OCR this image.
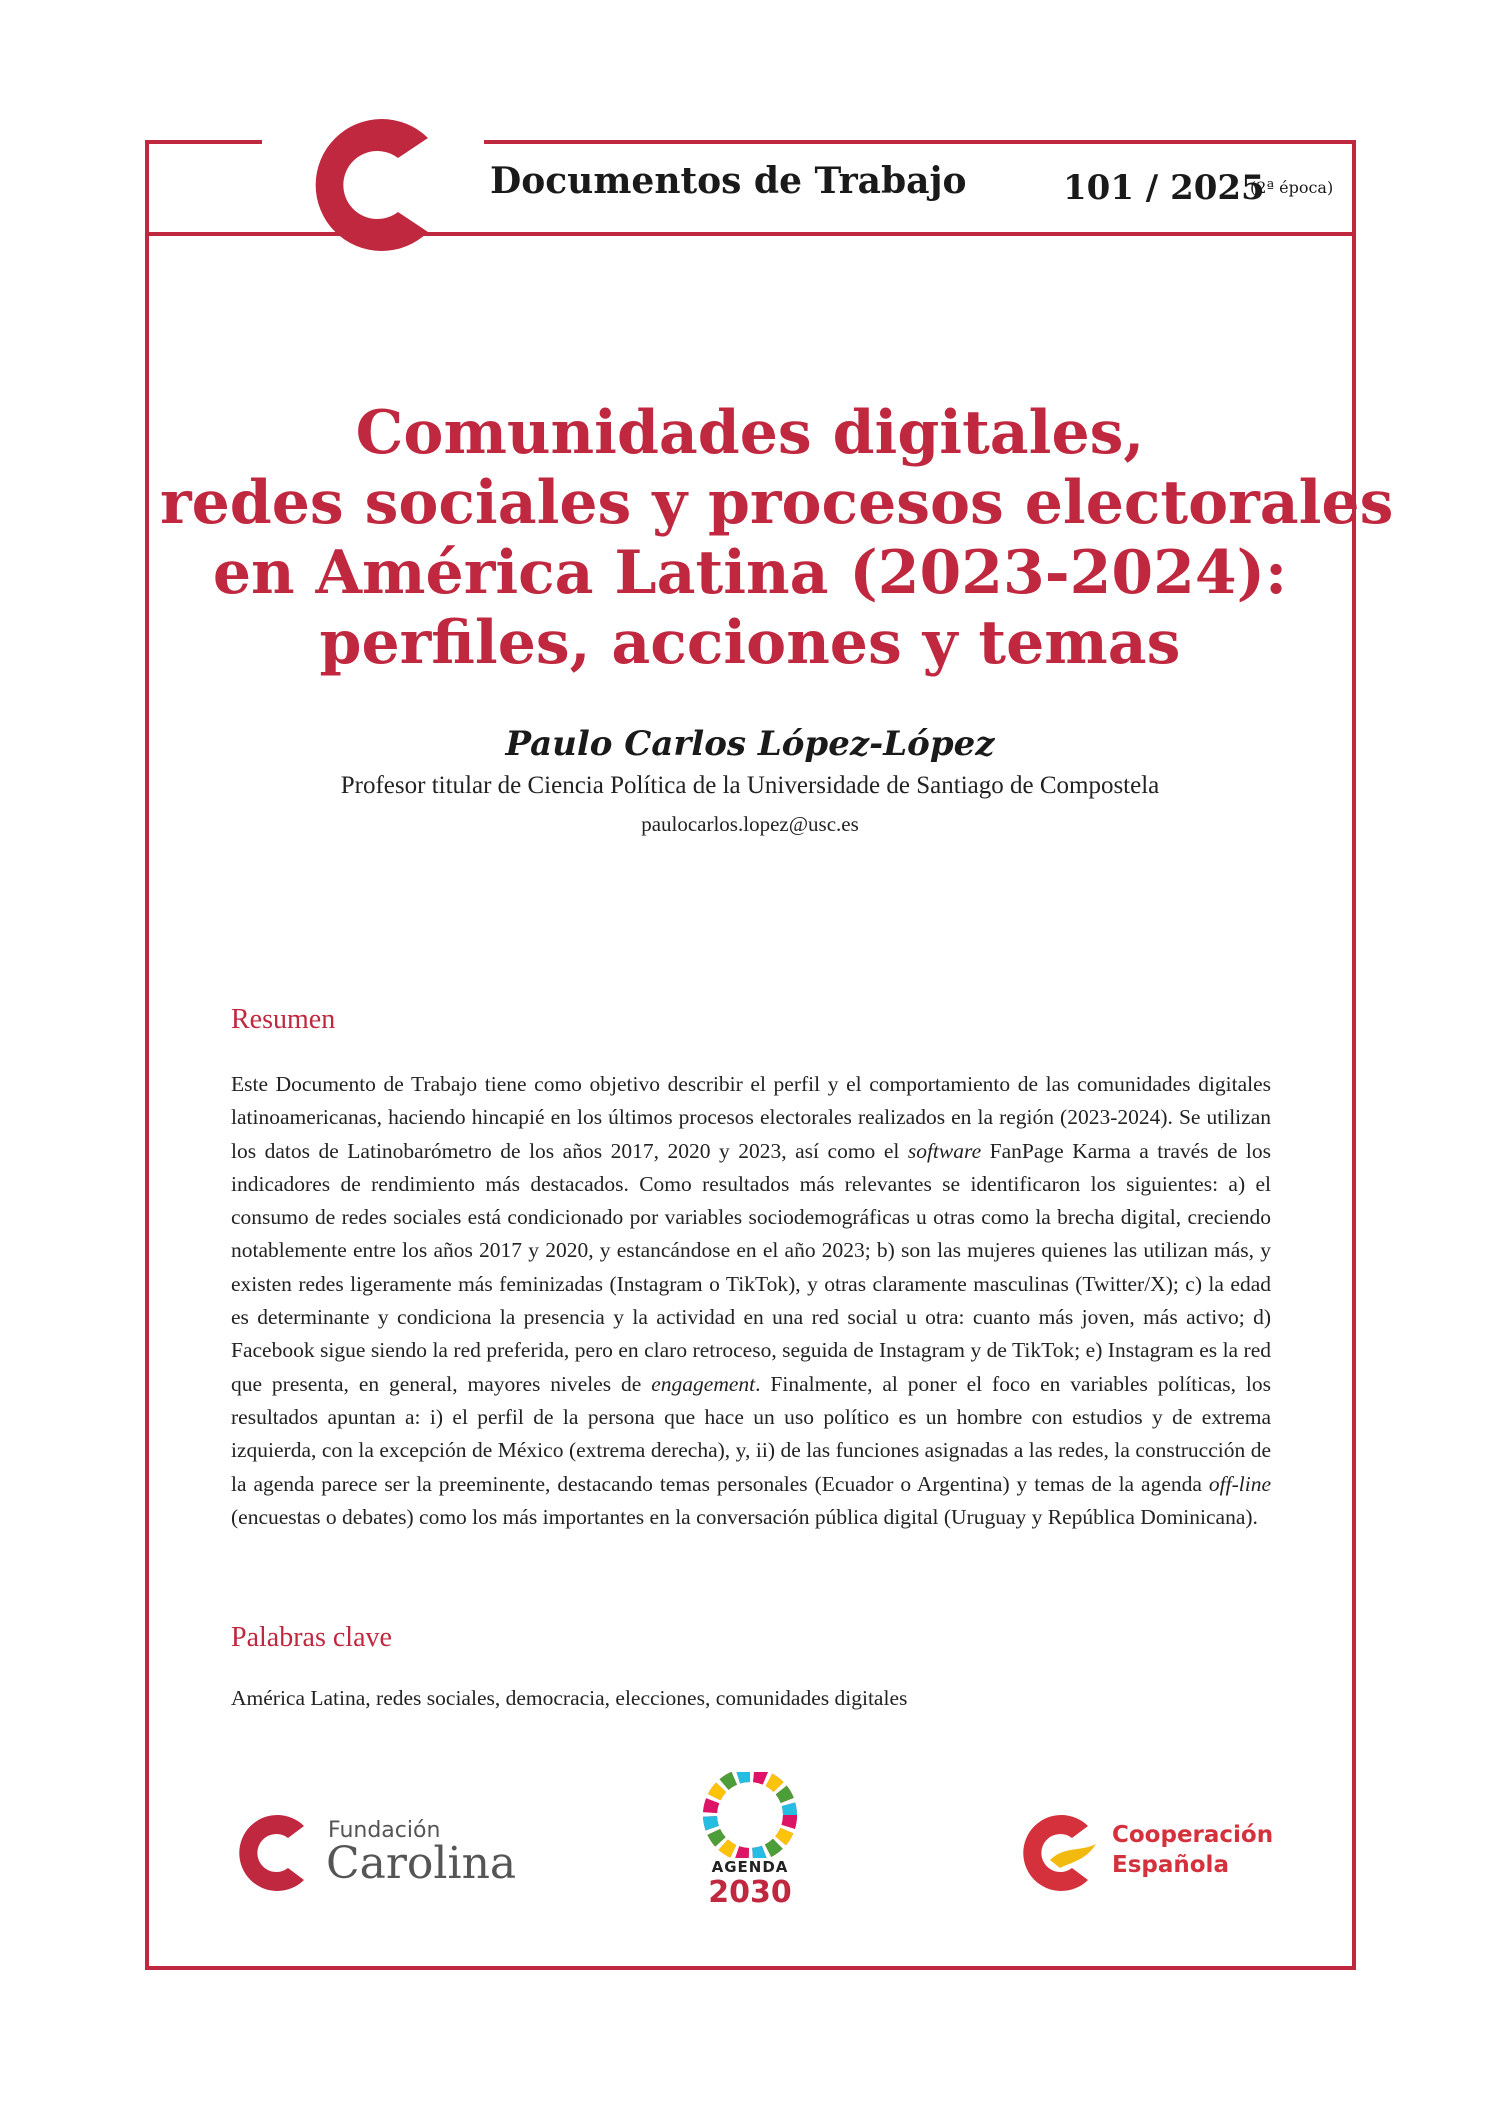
Documentos de Trabajo	101 / 2025
(2ª época)
Comunidades digitales,
redes sociales y procesos electorales
en América Latina (2023-2024):
perfiles, acciones y temas
Paulo Carlos López-López
Profesor titular de Ciencia Política de la Universidade de Santiago de Compostela
paulocarlos.lopez@usc.es
Resumen
Este Documento de Trabajo tiene como objetivo describir el perfil y el comportamiento de las comunidades digitales latinoamericanas, haciendo hincapié en los últimos procesos electorales realizados en la región (2023-2024). Se utilizan los datos de Latinobarómetro de los años 2017, 2020 y 2023, así como el software FanPage Karma a través de los indicadores de rendimiento más destacados. Como resultados más relevantes se identificaron los siguientes: a) el consumo de redes sociales está condicionado por variables sociodemográficas u otras como la brecha digital, creciendo notablemente entre los años 2017 y 2020, y estancándose en el año 2023; b) son las mujeres quienes las utilizan más, y existen redes ligeramente más feminizadas (Instagram o TikTok), y otras claramente masculinas (Twitter/X); c) la edad es determinante y condiciona la presencia y la actividad en una red social u otra: cuanto más joven, más activo; d) Facebook sigue siendo la red preferida, pero en claro retroceso, seguida de Instagram y de TikTok; e) Instagram es la red que presenta, en general, mayores niveles de engagement. Finalmente, al poner el foco en variables políticas, los resultados apuntan a: i) el perfil de la persona que hace un uso político es un hombre con estudios y de extrema izquierda, con la excepción de México (extrema derecha), y, ii) de las funciones asignadas a las redes, la construcción de la agenda parece ser la preeminente, destacando temas personales (Ecuador o Argentina) y temas de la agenda off-line (encuestas o debates) como los más importantes en la conversación pública digital (Uruguay y República Dominicana).
Palabras clave
América Latina, redes sociales, democracia, elecciones, comunidades digitales
Fundación
Carolina	AGENDA
2030
Cooperación
Española
